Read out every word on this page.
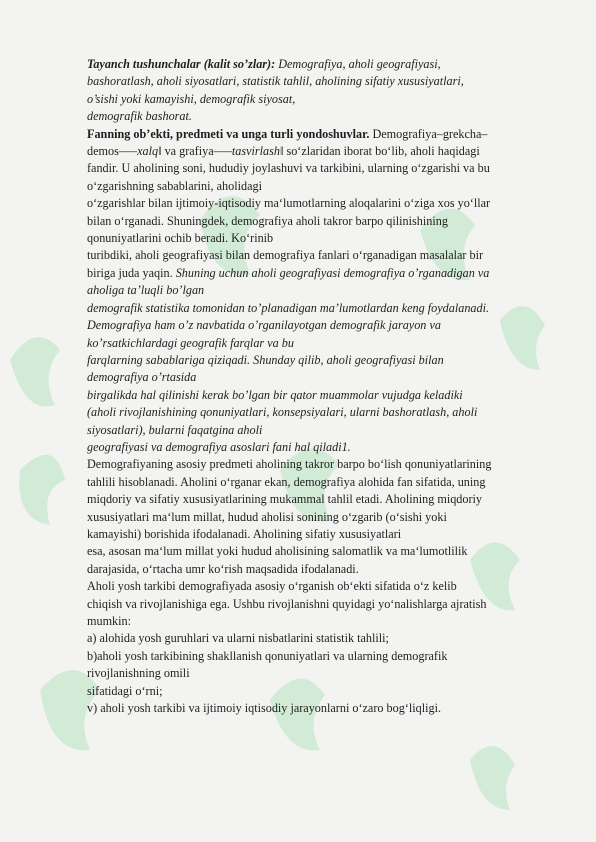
Tayanch tushunchalar (kalit so’zlar): Demografiya, aholi geografiyasi,
bashoratlash, aholi siyosatlari, statistik tahlil, aholining sifatiy xususiyatlari,
o’sishi yoki kamayishi, demografik siyosat,
demografik bashorat.
Fanning ob’ekti, predmeti va unga turli yondoshuvlar. Demografiya–grekcha–
demos–—xalq‖ va grafiya—–tasvirlash‖ so‘zlaridan iborat bo‘lib, aholi haqidagi
fandir. U aholining soni, hududiy joylashuvi va tarkibini, ularning o‘zgarishi va bu
o‘zgarishning sabablarini, aholidagi
o‘zgarishlar bilan ijtimoiy-iqtisodiy ma‘lumotlarning aloqalarini o‘ziga xos yo‘llar
bilan o‘rganadi. Shuningdek, demografiya aholi takror barpo qilinishining
qonuniyatlarini ochib beradi. Ko‘rinib
turibdiki, aholi geografiyasi bilan demografiya fanlari o‘rganadigan masalalar bir
biriga juda yaqin. Shuning uchun aholi geografiyasi demografiya o’rganadigan va
aholiga ta’luqli bo’lgan
demografik statistika tomonidan to’planadigan ma’lumotlardan keng foydalanadi.
Demografiya ham o’z navbatida o’rganilayotgan demografik jarayon va
ko’rsatkichlardagi geografik farqlar va bu
farqlarning sabablariga qiziqadi. Shunday qilib, aholi geografiyasi bilan
demografiya o’rtasida
birgalikda hal qilinishi kerak bo’lgan bir qator muammolar vujudga keladiki
(aholi rivojlanishining qonuniyatlari, konsepsiyalari, ularni bashoratlash, aholi
siyosatlari), bularni faqatgina aholi
geografiyasi va demografiya asoslari fani hal qiladi1.
Demografiyaning asosiy predmeti aholining takror barpo bo‘lish qonuniyatlarining
tahlili hisoblanadi. Aholini o‘rganar ekan, demografiya alohida fan sifatida, uning
miqdoriy va sifatiy xususiyatlarining mukammal tahlil etadi. Aholining miqdoriy
xususiyatlari ma‘lum millat, hudud aholisi sonining o‘zgarib (o‘sishi yoki
kamayishi) borishida ifodalanadi. Aholining sifatiy xususiyatlari
esa, asosan ma‘lum millat yoki hudud aholisining salomatlik va ma‘lumotlilik
darajasida, o‘rtacha umr ko‘rish maqsadida ifodalanadi.
Aholi yosh tarkibi demografiyada asosiy o‘rganish ob‘ekti sifatida o‘z kelib
chiqish va rivojlanishiga ega. Ushbu rivojlanishni quyidagi yo‘nalishlarga ajratish
mumkin:
a) alohida yosh guruhlari va ularni nisbatlarini statistik tahlili;
b)aholi yosh tarkibining shakllanish qonuniyatlari va ularning demografik
rivojlanishning omili
sifatidagi o‘rni;
v) aholi yosh tarkibi va ijtimoiy iqtisodiy jarayonlarni o‘zaro bog‘liqligi.
